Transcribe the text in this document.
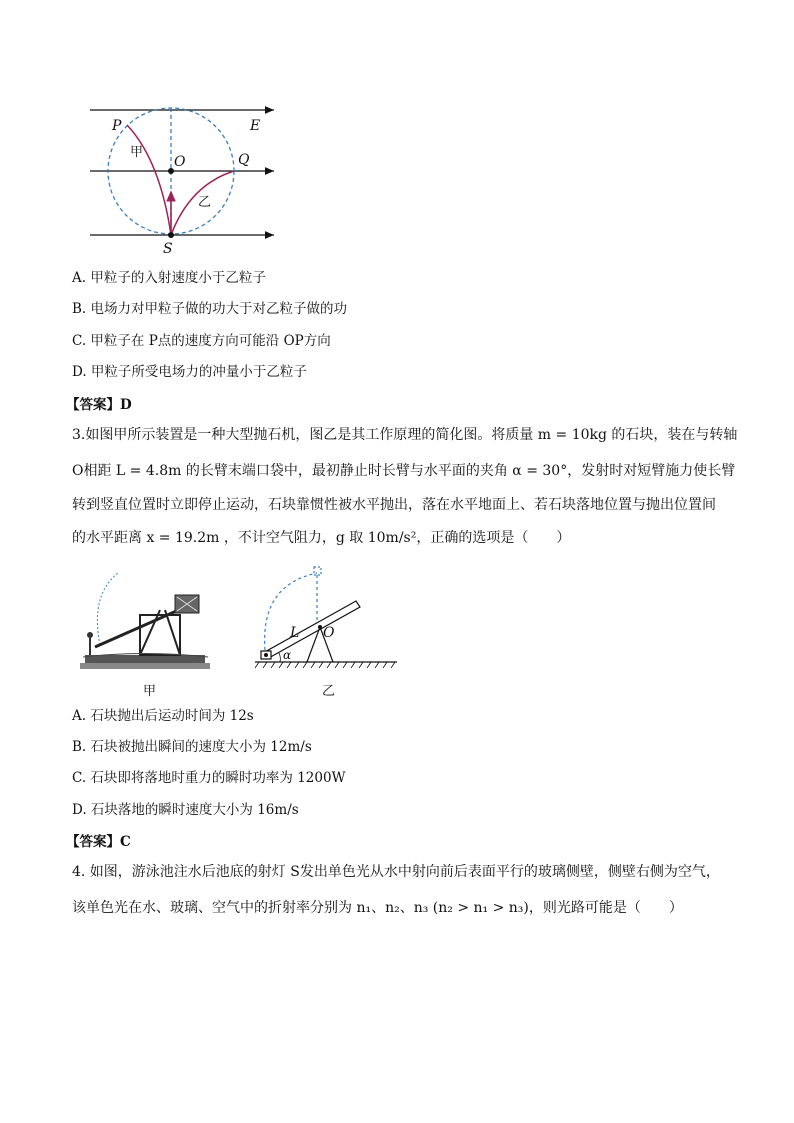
P	E
O	Q
S
甲
乙
A. 甲粒子的入射速度小于乙粒子
B. 电场力对甲粒子做的功大于对乙粒子做的功
C. 甲粒子在 P点的速度方向可能沿 OP方向
D. 甲粒子所受电场力的冲量小于乙粒子
【答案】D
3.如图甲所示装置是一种大型抛石机，图乙是其工作原理的简化图。将质量 m = 10kg 的石块，装在与转轴
O相距 L = 4.8m 的长臂末端口袋中，最初静止时长臂与水平面的夹角 α = 30°，发射时对短臂施力使长臂
转到竖直位置时立即停止运动，石块靠惯性被水平抛出，落在水平地面上、若石块落地位置与抛出位置间
的水平距离 x = 19.2m ，不计空气阻力，g 取 10m/s²，正确的选项是（　　）
甲
L O
α
乙
A. 石块抛出后运动时间为 12s
B. 石块被抛出瞬间的速度大小为 12m/s
C. 石块即将落地时重力的瞬时功率为 1200W
D. 石块落地的瞬时速度大小为 16m/s
【答案】C
4. 如图，游泳池注水后池底的射灯 S发出单色光从水中射向前后表面平行的玻璃侧壁，侧壁右侧为空气，
该单色光在水、玻璃、空气中的折射率分别为 n₁、n₂、n₃ (n₂ > n₁ > n₃)，则光路可能是（　　）
